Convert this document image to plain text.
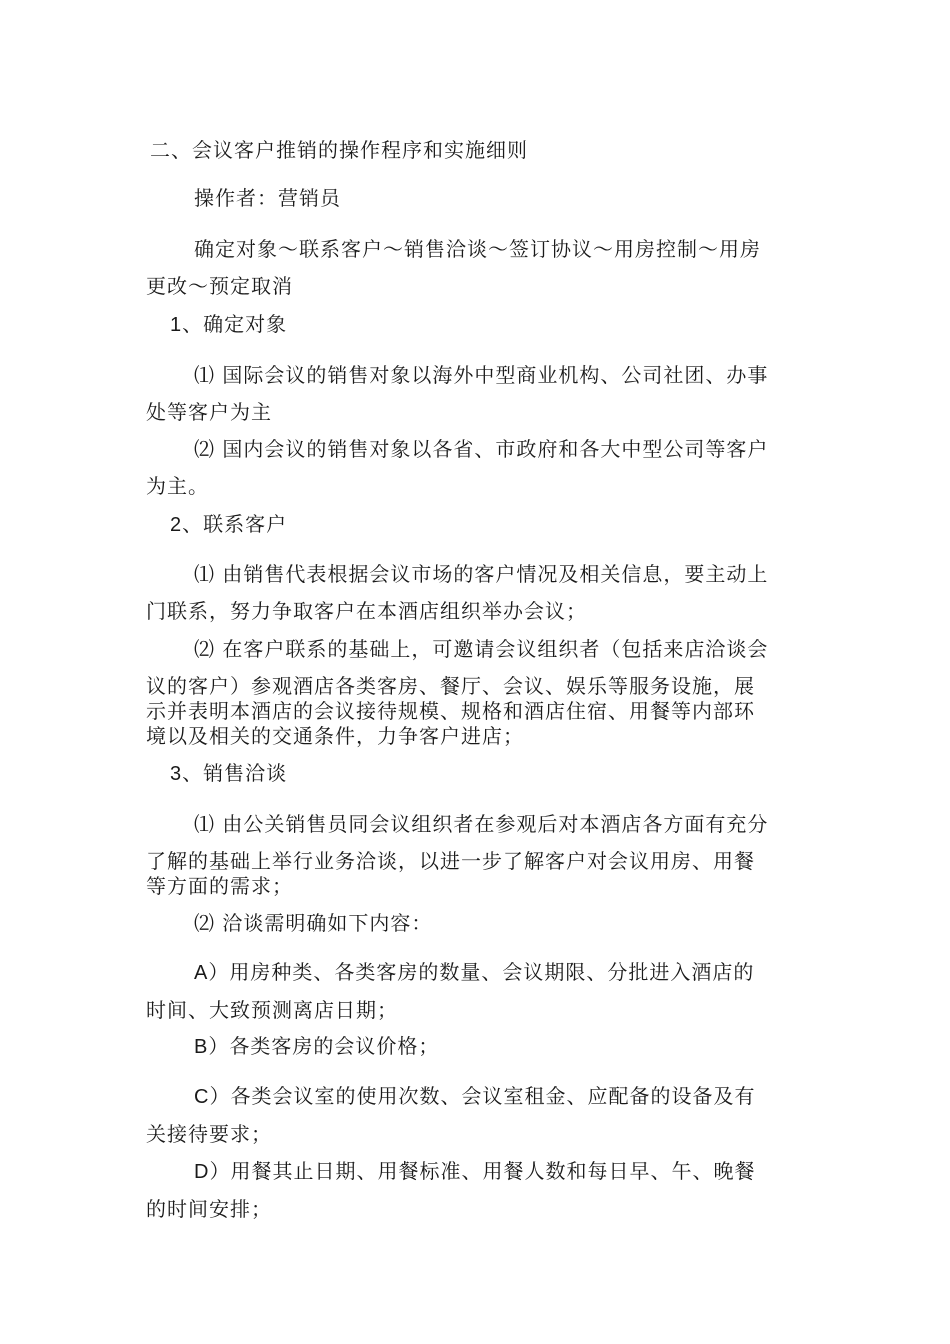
二、会议客户推销的操作程序和实施细则
操作者：营销员
确定对象～联系客户～销售洽谈～签订协议～用房控制～用房
更改～预定取消
1、确定对象
⑴ 国际会议的销售对象以海外中型商业机构、公司社团、办事
处等客户为主
⑵ 国内会议的销售对象以各省、市政府和各大中型公司等客户
为主。
2、联系客户
⑴ 由销售代表根据会议市场的客户情况及相关信息，要主动上
门联系，努力争取客户在本酒店组织举办会议；
⑵ 在客户联系的基础上，可邀请会议组织者（包括来店洽谈会
议的客户）参观酒店各类客房、餐厅、会议、娱乐等服务设施，展
示并表明本酒店的会议接待规模、规格和酒店住宿、用餐等内部环
境以及相关的交通条件，力争客户进店；
3、销售洽谈
⑴ 由公关销售员同会议组织者在参观后对本酒店各方面有充分
了解的基础上举行业务洽谈，以进一步了解客户对会议用房、用餐
等方面的需求；
⑵ 洽谈需明确如下内容：
A）用房种类、各类客房的数量、会议期限、分批进入酒店的
时间、大致预测离店日期；
B）各类客房的会议价格；
C）各类会议室的使用次数、会议室租金、应配备的设备及有
关接待要求；
D）用餐其止日期、用餐标准、用餐人数和每日早、午、晚餐
的时间安排；
